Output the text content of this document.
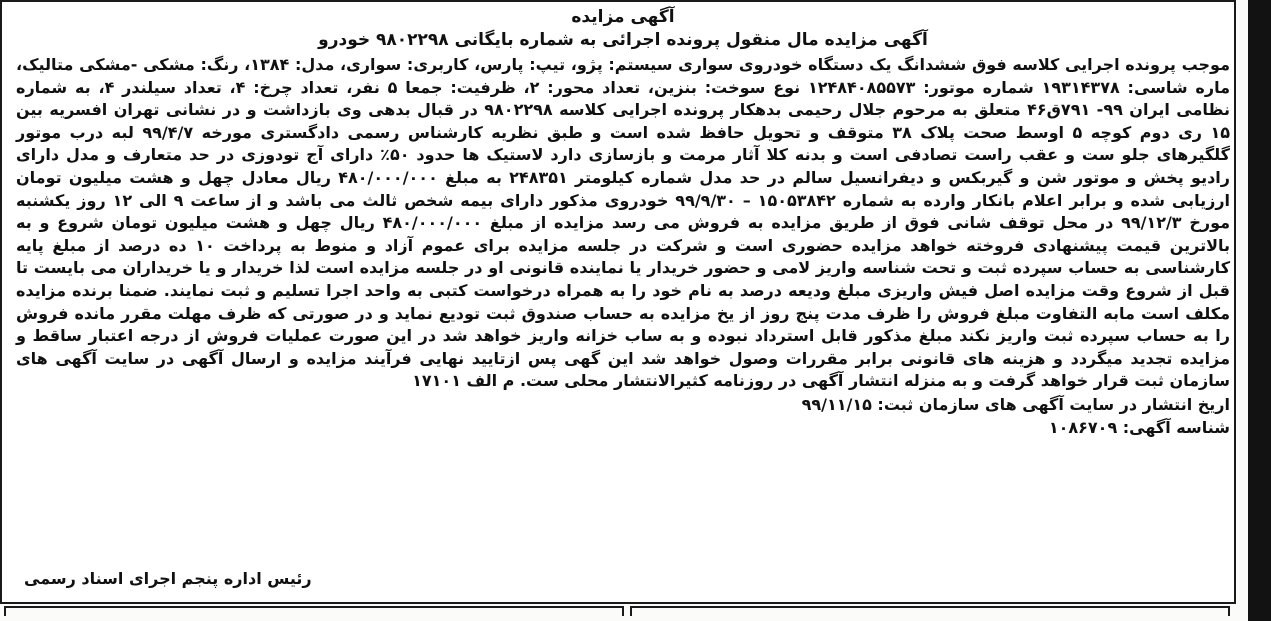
آگهی مزایده

آگهی مزایده مال منقول پرونده اجرائی به شماره بایگانی ۹۸۰۲۲۹۸ خودرو

موجب پرونده اجرایی کلاسه فوق ششدانگ یک دستگاه خودروی سواری سیستم: پژو، تیپ: پارس، کاربری: سواری، مدل: ۱۳۸۴، رنگ: مشکی -مشکی متالیک، ماره شاسی: ۱۹۳۱۴۳۷۸ شماره موتور: ۱۲۴۸۴۰۸۵۵۷۳ نوع سوخت: بنزین، تعداد محور: ۲، ظرفیت: جمعا ۵ نفر، تعداد چرخ: ۴، تعداد سیلندر ۴، به شماره نظامی ایران ۹۹- ۷۹۱ق۴۶ متعلق به مرحوم جلال رحیمی بدهکار پرونده اجرایی کلاسه ۹۸۰۲۲۹۸ در قبال بدهی وی بازداشت و در نشانی تهران افسریه بین ۱۵ ری دوم کوچه ۵ اوسط صحت پلاک ۳۸ متوقف و تحویل حافظ شده است و طبق نظریه کارشناس رسمی دادگستری مورخه ۹۹/۴/۷ لبه درب موتور گلگیرهای جلو ست و عقب راست تصادفی است و بدنه کلا آثار مرمت و بازسازی دارد لاستیک ها حدود ۵۰٪ دارای آج تودوزی در حد متعارف و مدل دارای رادیو پخش و موتور شن و گیربکس و دیفرانسیل سالم در حد مدل شماره کیلومتر ۲۴۸۳۵۱ به مبلغ ۴۸۰/۰۰۰/۰۰۰ ریال معادل چهل و هشت میلیون تومان ارزیابی شده و برابر اعلام بانکار وارده به شماره ۱۵۰۵۳۸۴۲ – ۹۹/۹/۳۰ خودروی مذکور دارای بیمه شخص ثالث می باشد و از ساعت ۹ الی ۱۲ روز یکشنبه مورخ ۹۹/۱۲/۳ در محل توقف شانی فوق از طریق مزایده به فروش می رسد مزایده از مبلغ ۴۸۰/۰۰۰/۰۰۰ ریال چهل و هشت میلیون تومان شروع و به بالاترین قیمت پیشنهادی فروخته خواهد مزایده حضوری است و شرکت در جلسه مزایده برای عموم آزاد و منوط به پرداخت ۱۰ ده درصد از مبلغ پایه کارشناسی به حساب سپرده ثبت و تحت شناسه واریز لامی و حضور خریدار یا نماینده قانونی او در جلسه مزایده است لذا خریدار و یا خریداران می بایست تا قبل از شروع وقت مزایده اصل فیش واریزی مبلغ ودیعه درصد به نام خود را به همراه درخواست کتبی به واحد اجرا تسلیم و ثبت نمایند. ضمنا برنده مزایده مکلف است مابه التفاوت مبلغ فروش را ظرف مدت پنج روز از یخ مزایده به حساب صندوق ثبت تودیع نماید و در صورتی که ظرف مهلت مقرر مانده فروش را به حساب سپرده ثبت واریز نکند مبلغ مذکور قابل استرداد نبوده و به ساب خزانه واریز خواهد شد در این صورت عملیات فروش از درجه اعتبار ساقط و مزایده تجدید میگردد و هزینه های قانونی برابر مقررات وصول خواهد شد این گهی پس ازتایید نهایی فرآیند مزایده و ارسال آگهی در سایت آگهی های سازمان ثبت قرار خواهد گرفت و به منزله انتشار آگهی در روزنامه کثیرالانتشار محلی ست. م الف ۱۷۱۰۱

اریخ انتشار در سایت آگهی های سازمان ثبت: ۹۹/۱۱/۱۵

شناسه آگهی: ۱۰۸۶۷۰۹

رئیس اداره پنجم اجرای اسناد رسمی
